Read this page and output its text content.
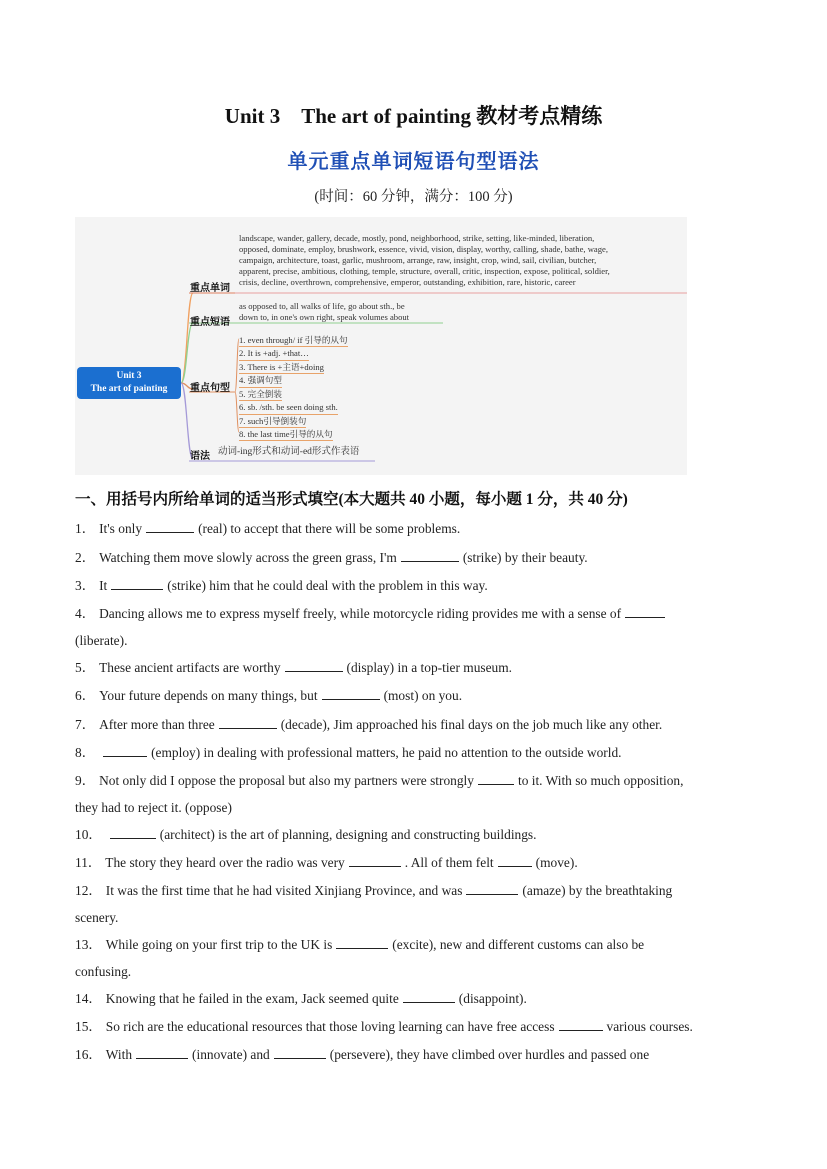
Unit 3　The art of painting 教材考点精练
单元重点单词短语句型语法
(时间：60 分钟，满分：100 分)
Unit 3
The art of painting
重点单词
重点短语
重点句型
语法
landscape, wander, gallery, decade, mostly, pond, neighborhood, strike, setting, like-minded, liberation,
opposed, dominate, employ, brushwork, essence, vivid, vision, display, worthy, calling, shade, bathe, wage,
campaign, architecture, toast, garlic, mushroom, arrange, raw, insight, crop, wind, sail, civilian, butcher,
apparent, precise, ambitious, clothing, temple, structure, overall, critic, inspection, expose, political, soldier,
crisis, decline, overthrown, comprehensive, emperor, outstanding, exhibition, rare, historic, career
as opposed to, all walks of life, go about sth., be
down to, in one's own right, speak volumes about
1. even through/ if 引导的从句
2. It is +adj. +that…
3. There is +主语+doing
4. 强调句型
5. 完全倒装
6. sb. /sth. be seen doing sth.
7. such引导倒装句
8. the last time引导的从句
动词-ing形式和动词-ed形式作表语
一、用括号内所给单词的适当形式填空(本大题共 40 小题，每小题 1 分，共 40 分)
1． It's only	(real) to accept that there will be some problems.
2． Watching them move slowly across the green grass, I'm	(strike) by their beauty.
3． It	(strike) him that he could deal with the problem in this way.
4． Dancing allows me to express myself freely, while motorcycle riding provides me with a sense of
(liberate).
5． These ancient artifacts are worthy	(display) in a top-tier museum.
6． Your future depends on many things, but	(most) on you.
7． After more than three	(decade), Jim approached his final days on the job much like any other.
8．	(employ) in dealing with professional matters, he paid no attention to the outside world.
9． Not only did I oppose the proposal but also my partners were strongly	to it. With so much opposition,
they had to reject it. (oppose)
10．	(architect) is the art of planning, designing and constructing buildings.
11． The story they heard over the radio was very	. All of them felt	(move).
12． It was the first time that he had visited Xinjiang Province, and was	(amaze) by the breathtaking
scenery.
13． While going on your first trip to the UK is	(excite), new and different customs can also be
confusing.
14． Knowing that he failed in the exam, Jack seemed quite	(disappoint).
15． So rich are the educational resources that those loving learning can have free access	various courses.
16． With	(innovate) and	(persevere), they have climbed over hurdles and passed one
